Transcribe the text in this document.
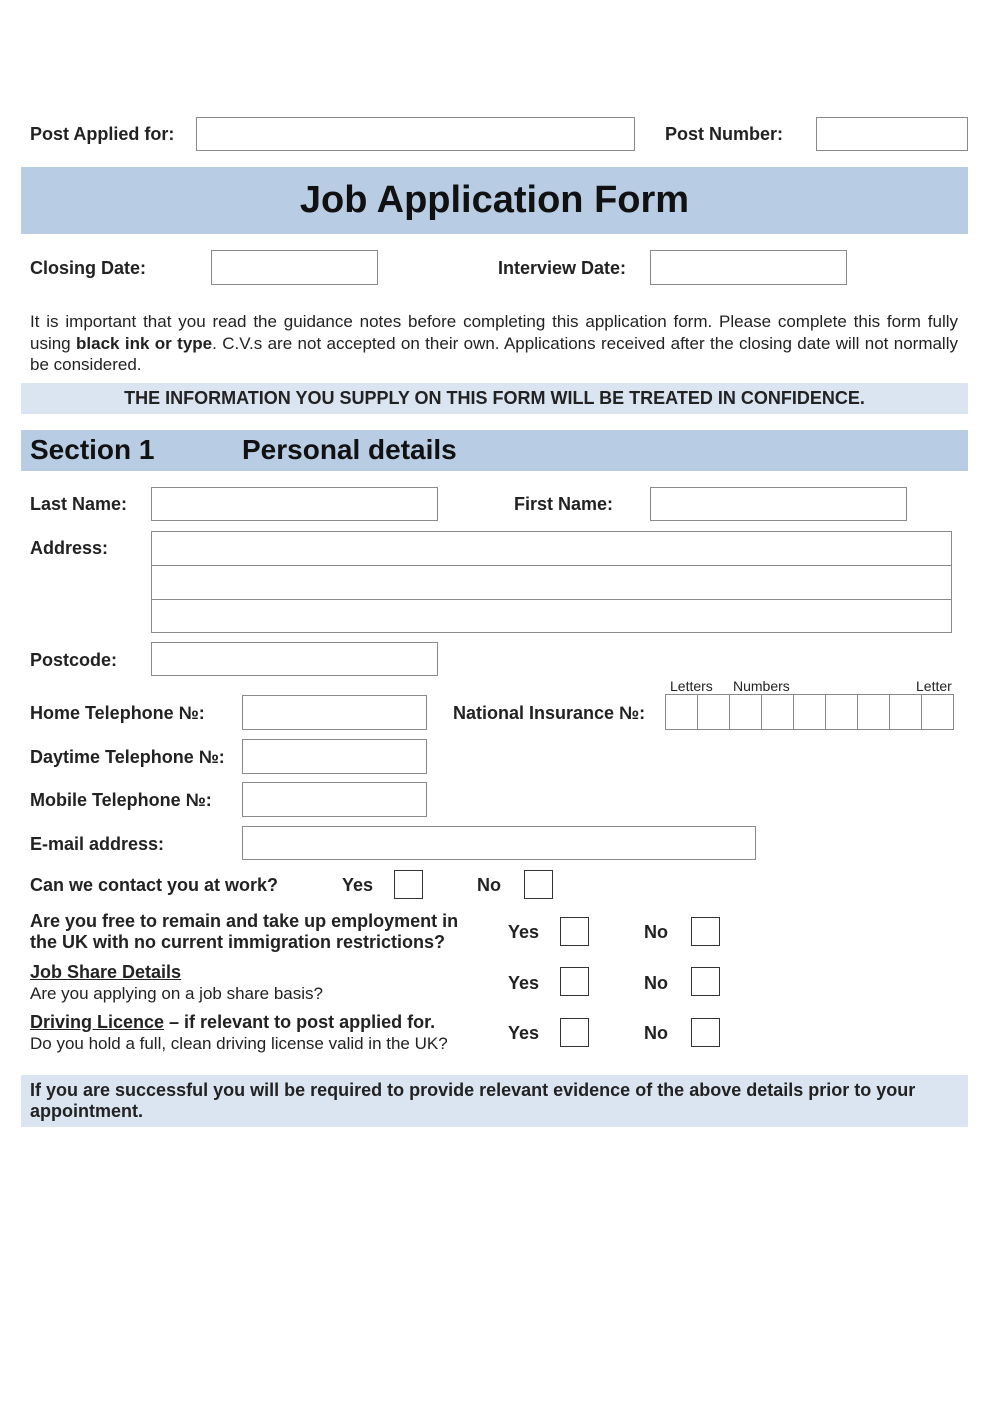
Post Applied for:	Post Number:
Job Application Form
Closing Date:	Interview Date:
It is important that you read the guidance notes before completing this application form. Please complete this form fully using black ink or type. C.V.s are not accepted on their own. Applications received after the closing date will not normally be considered.
THE INFORMATION YOU SUPPLY ON THIS FORM WILL BE TREATED IN CONFIDENCE.
Section 1	Personal details
Last Name:	First Name:
Address:
Postcode:
Letters Numbers	Letter
Home Telephone №:	National Insurance №:
Daytime Telephone №:
Mobile Telephone №:
E-mail address:
Can we contact you at work?	Yes	No
Are you free to remain and take up employment in
the UK with no current immigration restrictions?	Yes	No
Job Share Details
Are you applying on a job share basis?
Yes	No
Driving Licence – if relevant to post applied for.
Do you hold a full, clean driving license valid in the UK?
Yes	No
If you are successful you will be required to provide relevant evidence of the above details prior to your appointment.
